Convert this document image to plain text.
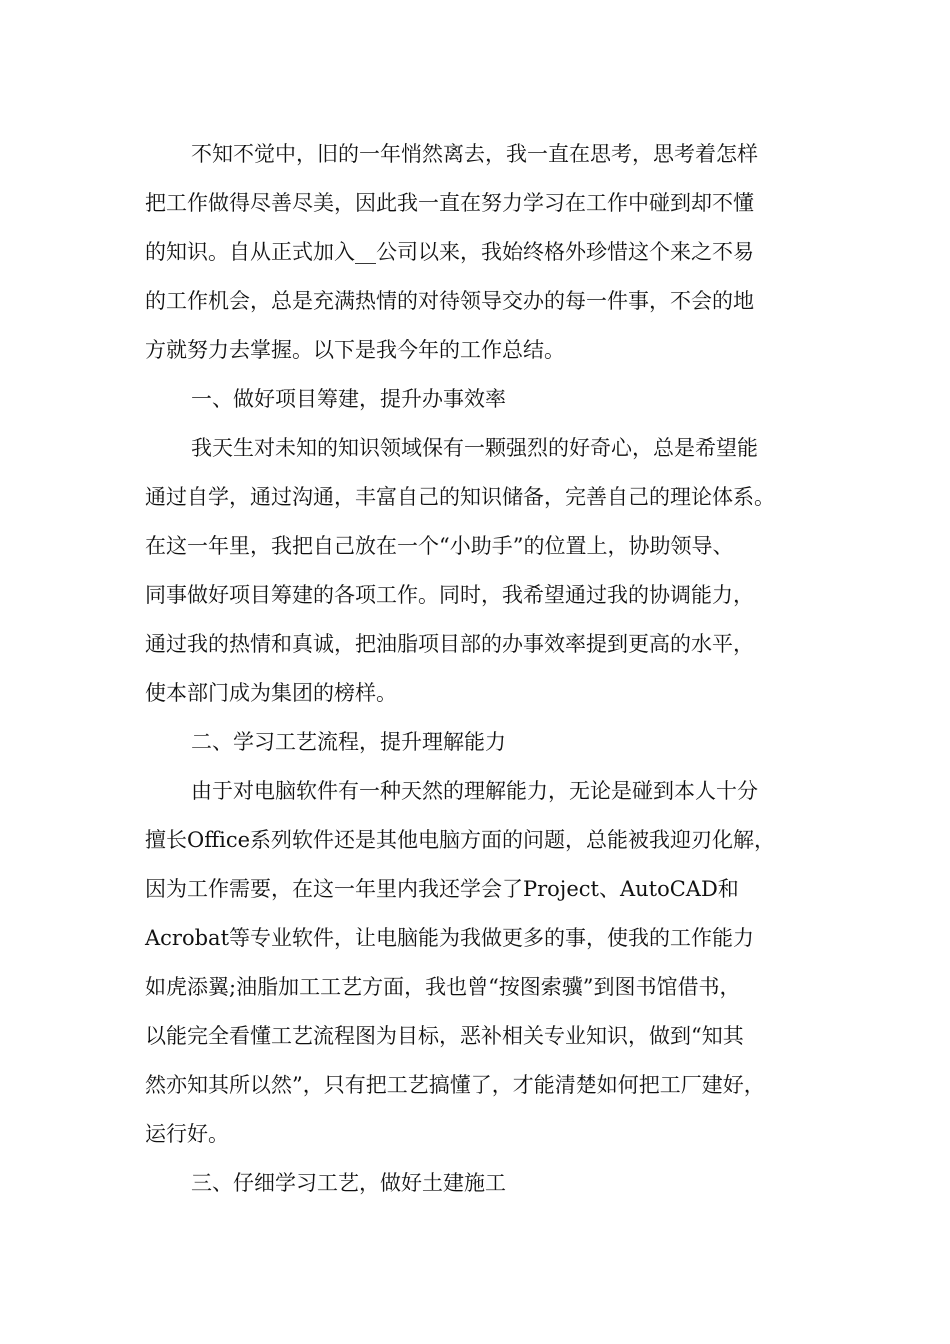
不知不觉中，旧的一年悄然离去，我一直在思考，思考着怎样
把工作做得尽善尽美，因此我一直在努力学习在工作中碰到却不懂
的知识。自从正式加入__公司以来，我始终格外珍惜这个来之不易
的工作机会，总是充满热情的对待领导交办的每一件事，不会的地
方就努力去掌握。以下是我今年的工作总结。

一、做好项目筹建，提升办事效率

我天生对未知的知识领域保有一颗强烈的好奇心，总是希望能
通过自学，通过沟通，丰富自己的知识储备，完善自己的理论体系。
在这一年里，我把自己放在一个“小助手”的位置上，协助领导、
同事做好项目筹建的各项工作。同时，我希望通过我的协调能力，
通过我的热情和真诚，把油脂项目部的办事效率提到更高的水平，
使本部门成为集团的榜样。

二、学习工艺流程，提升理解能力

由于对电脑软件有一种天然的理解能力，无论是碰到本人十分
擅长Office系列软件还是其他电脑方面的问题，总能被我迎刃化解，
因为工作需要，在这一年里内我还学会了Project、AutoCAD和
Acrobat等专业软件，让电脑能为我做更多的事，使我的工作能力
如虎添翼;油脂加工工艺方面，我也曾“按图索骥”到图书馆借书，
以能完全看懂工艺流程图为目标，恶补相关专业知识，做到“知其
然亦知其所以然”，只有把工艺搞懂了，才能清楚如何把工厂建好，
运行好。

三、仔细学习工艺，做好土建施工
